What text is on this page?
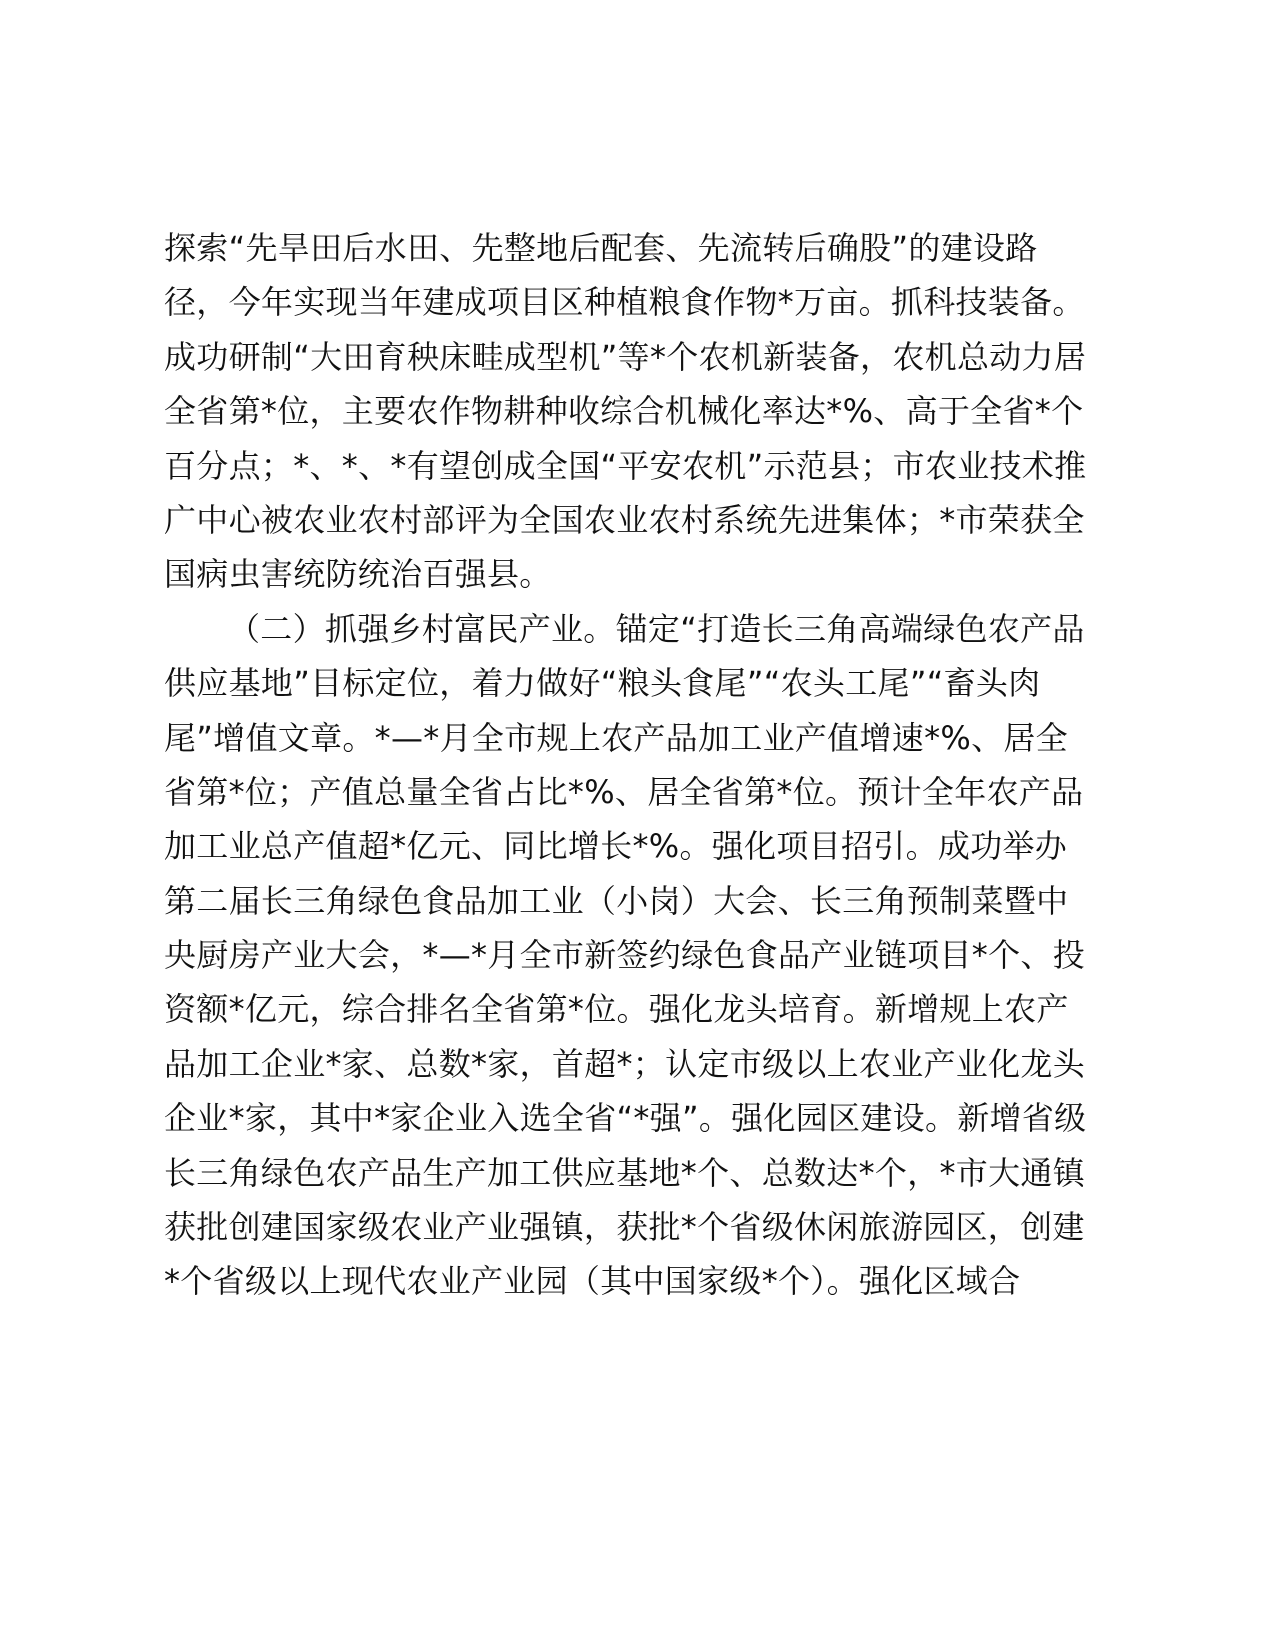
探索“先旱田后水田、先整地后配套、先流转后确股”的建设路
径，今年实现当年建成项目区种植粮食作物*万亩。抓科技装备。
成功研制“大田育秧床畦成型机”等*个农机新装备，农机总动力居
全省第*位，主要农作物耕种收综合机械化率达*%、高于全省*个
百分点；*、*、*有望创成全国“平安农机”示范县；市农业技术推
广中心被农业农村部评为全国农业农村系统先进集体；*市荣获全
国病虫害统防统治百强县。
（二）抓强乡村富民产业。锚定“打造长三角高端绿色农产品
供应基地”目标定位，着力做好“粮头食尾”“农头工尾”“畜头肉
尾”增值文章。*—*月全市规上农产品加工业产值增速*%、居全
省第*位；产值总量全省占比*%、居全省第*位。预计全年农产品
加工业总产值超*亿元、同比增长*%。强化项目招引。成功举办
第二届长三角绿色食品加工业（小岗）大会、长三角预制菜暨中
央厨房产业大会，*—*月全市新签约绿色食品产业链项目*个、投
资额*亿元，综合排名全省第*位。强化龙头培育。新增规上农产
品加工企业*家、总数*家，首超*；认定市级以上农业产业化龙头
企业*家，其中*家企业入选全省“*强”。强化园区建设。新增省级
长三角绿色农产品生产加工供应基地*个、总数达*个，*市大通镇
获批创建国家级农业产业强镇，获批*个省级休闲旅游园区，创建
*个省级以上现代农业产业园（其中国家级*个）。强化区域合
